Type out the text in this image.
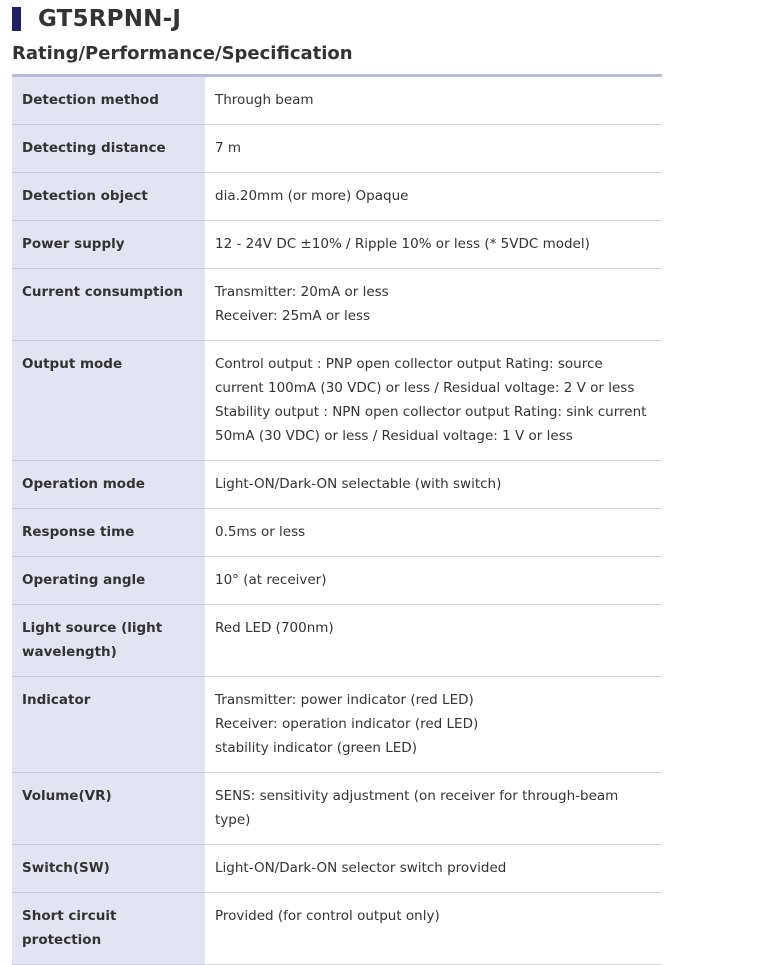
GT5RPNN-J
Rating/Performance/Specification
Detection method	Through beam

Detecting distance	7 m

Detection object	dia.20mm (or more) Opaque

Power supply	12 - 24V DC ±10% / Ripple 10% or less (* 5VDC model)

Current consumption	Transmitter: 20mA or less
Receiver: 25mA or less

Output mode	Control output : PNP open collector output Rating: source current 100mA (30 VDC) or less / Residual voltage: 2 V or less
Stability output : NPN open collector output Rating: sink current 50mA (30 VDC) or less / Residual voltage: 1 V or less

Operation mode	Light-ON/Dark-ON selectable (with switch)

Response time	0.5ms or less

Operating angle	10° (at receiver)

Light source (light wavelength)	Red LED (700nm)

Indicator	Transmitter: power indicator (red LED)
Receiver: operation indicator (red LED)
stability indicator (green LED)

Volume(VR)	SENS: sensitivity adjustment (on receiver for through-beam type)

Switch(SW)	Light-ON/Dark-ON selector switch provided

Short circuit protection	Provided (for control output only)
